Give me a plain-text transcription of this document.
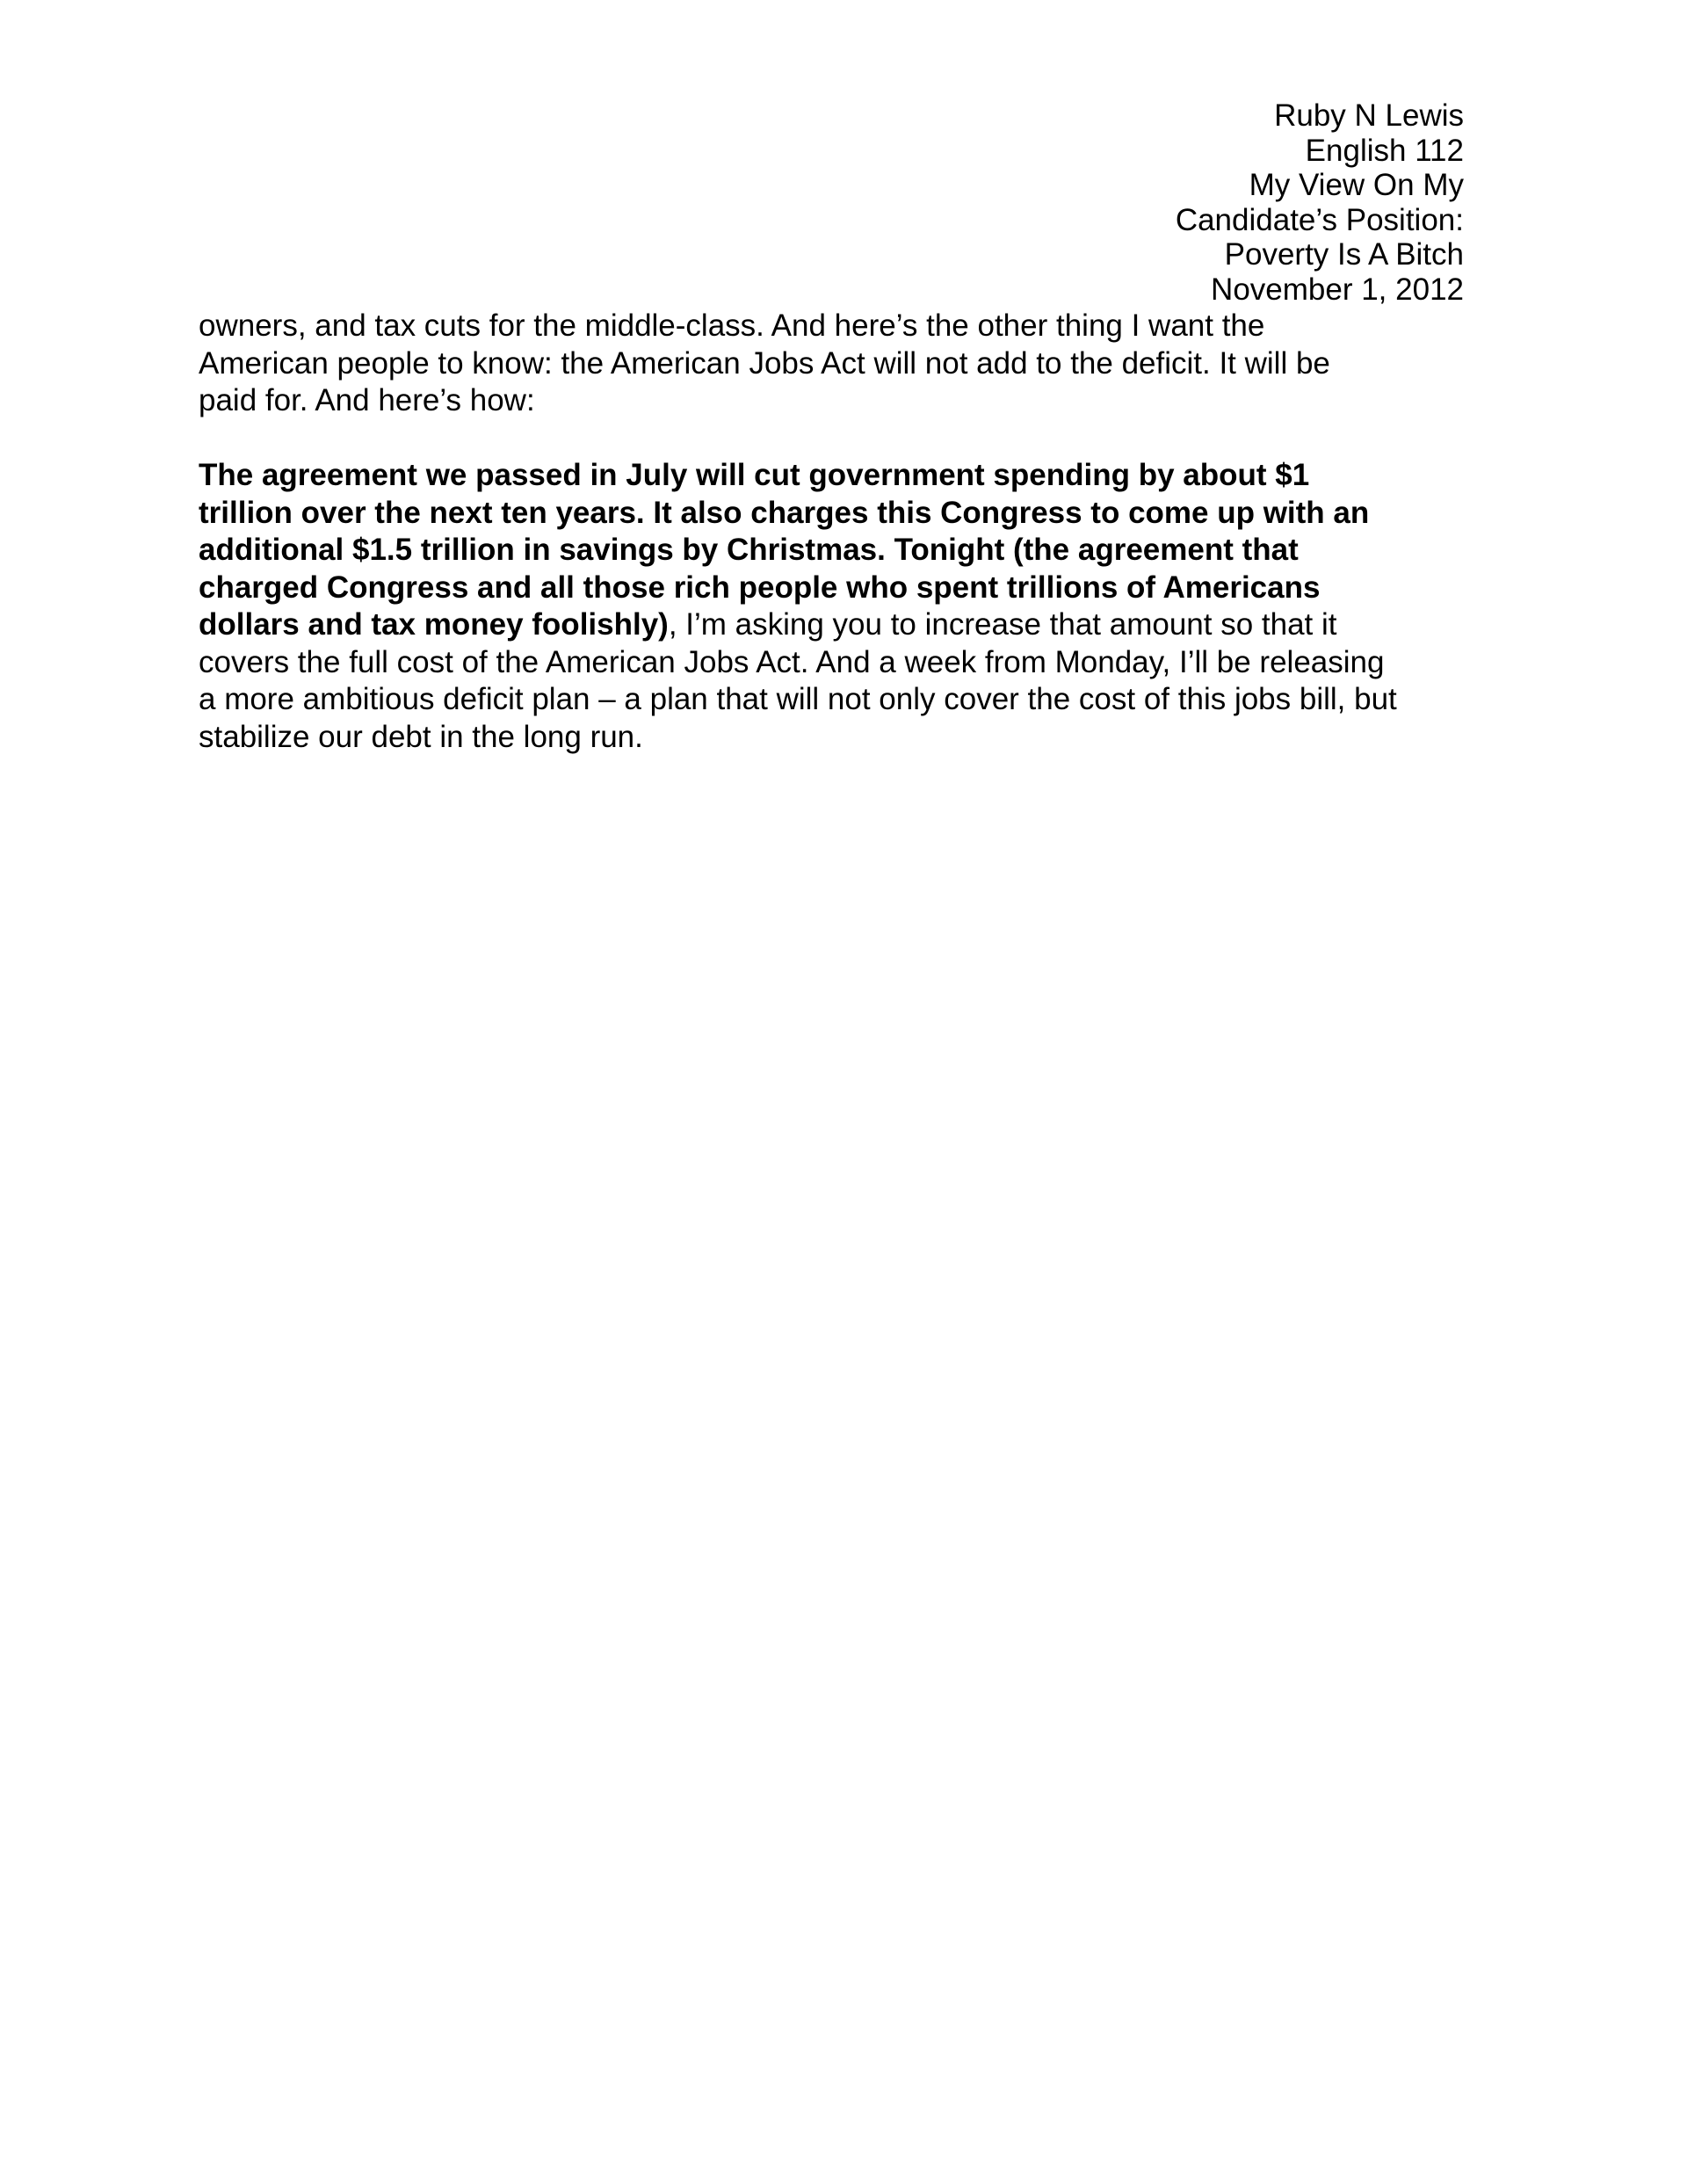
Ruby N Lewis
English 112
My View On My
Candidate’s Position:
Poverty Is A Bitch
November 1, 2012
owners, and tax cuts for the middle-class. And here’s the other thing I want the
American people to know: the American Jobs Act will not add to the deficit. It will be
paid for. And here’s how:
The agreement we passed in July will cut government spending by about $1
trillion over the next ten years. It also charges this Congress to come up with an
additional $1.5 trillion in savings by Christmas. Tonight (the agreement that
charged Congress and all those rich people who spent trillions of Americans
dollars and tax money foolishly), I’m asking you to increase that amount so that it
covers the full cost of the American Jobs Act. And a week from Monday, I’ll be releasing
a more ambitious deficit plan – a plan that will not only cover the cost of this jobs bill, but
stabilize our debt in the long run.
